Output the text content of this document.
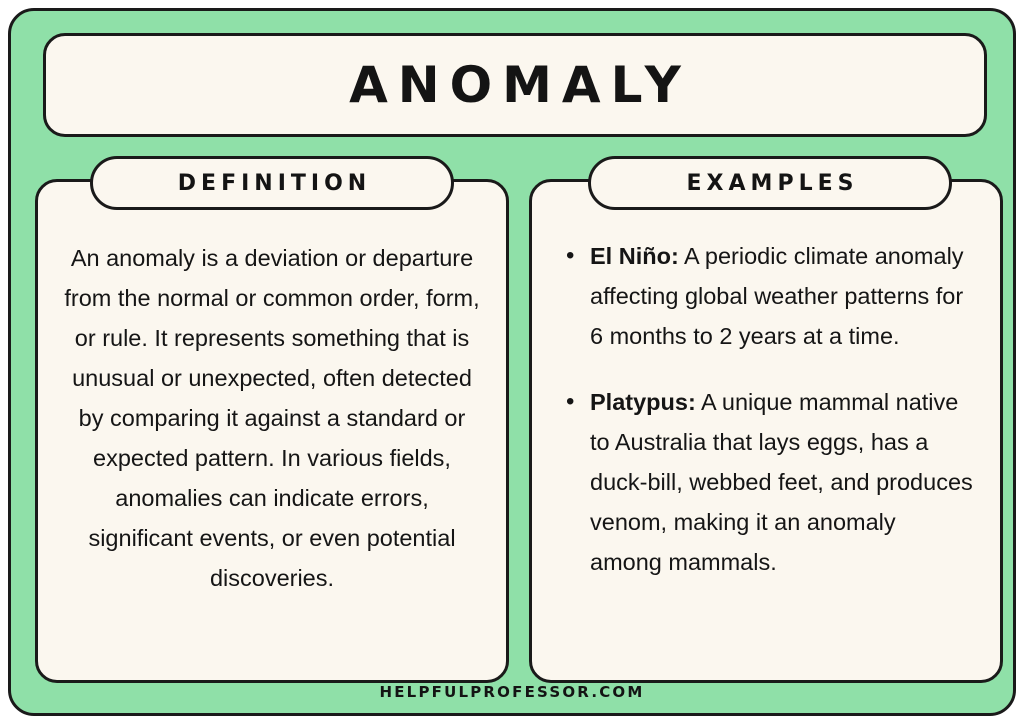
ANOMALY
DEFINITION
An anomaly is a deviation or departure from the normal or common order, form, or rule. It represents something that is unusual or unexpected, often detected by comparing it against a standard or expected pattern. In various fields, anomalies can indicate errors, significant events, or even potential discoveries.
EXAMPLES
• El Niño: A periodic climate anomaly affecting global weather patterns for 6 months to 2 years at a time.
• Platypus: A unique mammal native to Australia that lays eggs, has a duck-bill, webbed feet, and produces venom, making it an anomaly among mammals.
HELPFULPROFESSOR.COM
